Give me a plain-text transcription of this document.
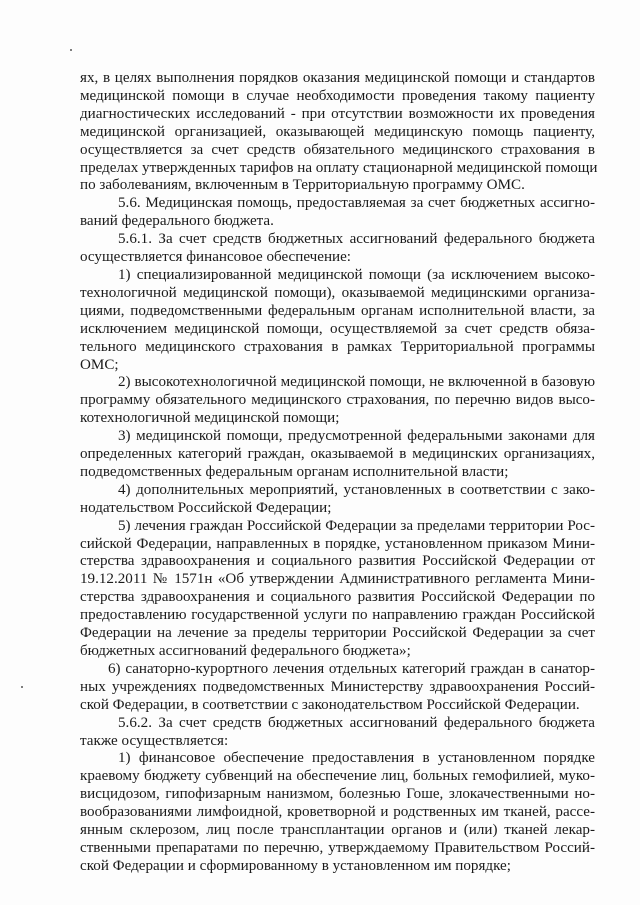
ях, в целях выполнения порядков оказания медицинской помощи и стандартов
медицинской помощи в случае необходимости проведения такому пациенту
диагностических исследований - при отсутствии возможности их проведения
медицинской организацией, оказывающей медицинскую помощь пациенту,
осуществляется за счет средств обязательного медицинского страхования в
пределах утвержденных тарифов на оплату стационарной медицинской помощи
по заболеваниям, включенным в Территориальную программу ОМС.

5.6. Медицинская помощь, предоставляемая за счет бюджетных ассигно-
ваний федерального бюджета.

5.6.1. За счет средств бюджетных ассигнований федерального бюджета
осуществляется финансовое обеспечение:

1) специализированной медицинской помощи (за исключением высоко-
технологичной медицинской помощи), оказываемой медицинскими организа-
циями, подведомственными федеральным органам исполнительной власти, за
исключением медицинской помощи, осуществляемой за счет средств обяза-
тельного медицинского страхования в рамках Территориальной программы
ОМС;

2) высокотехнологичной медицинской помощи, не включенной в базовую
программу обязательного медицинского страхования, по перечню видов высо-
котехнологичной медицинской помощи;

3) медицинской помощи, предусмотренной федеральными законами для
определенных категорий граждан, оказываемой в медицинских организациях,
подведомственных федеральным органам исполнительной власти;

4) дополнительных мероприятий, установленных в соответствии с зако-
нодательством Российской Федерации;

5) лечения граждан Российской Федерации за пределами территории Рос-
сийской Федерации, направленных в порядке, установленном приказом Мини-
стерства здравоохранения и социального развития Российской Федерации от
19.12.2011 № 1571н «Об утверждении Административного регламента Мини-
стерства здравоохранения и социального развития Российской Федерации по
предоставлению государственной услуги по направлению граждан Российской
Федерации на лечение за пределы территории Российской Федерации за счет
бюджетных ассигнований федерального бюджета»;

6) санаторно-курортного лечения отдельных категорий граждан в санатор-
ных учреждениях подведомственных Министерству здравоохранения Россий-
ской Федерации, в соответствии с законодательством Российской Федерации.

5.6.2. За счет средств бюджетных ассигнований федерального бюджета
также осуществляется:

1) финансовое обеспечение предоставления в установленном порядке
краевому бюджету субвенций на обеспечение лиц, больных гемофилией, муко-
висцидозом, гипофизарным нанизмом, болезнью Гоше, злокачественными но-
вообразованиями лимфоидной, кроветворной и родственных им тканей, рассе-
янным склерозом, лиц после трансплантации органов и (или) тканей лекар-
ственными препаратами по перечню, утверждаемому Правительством Россий-
ской Федерации и сформированному в установленном им порядке;
